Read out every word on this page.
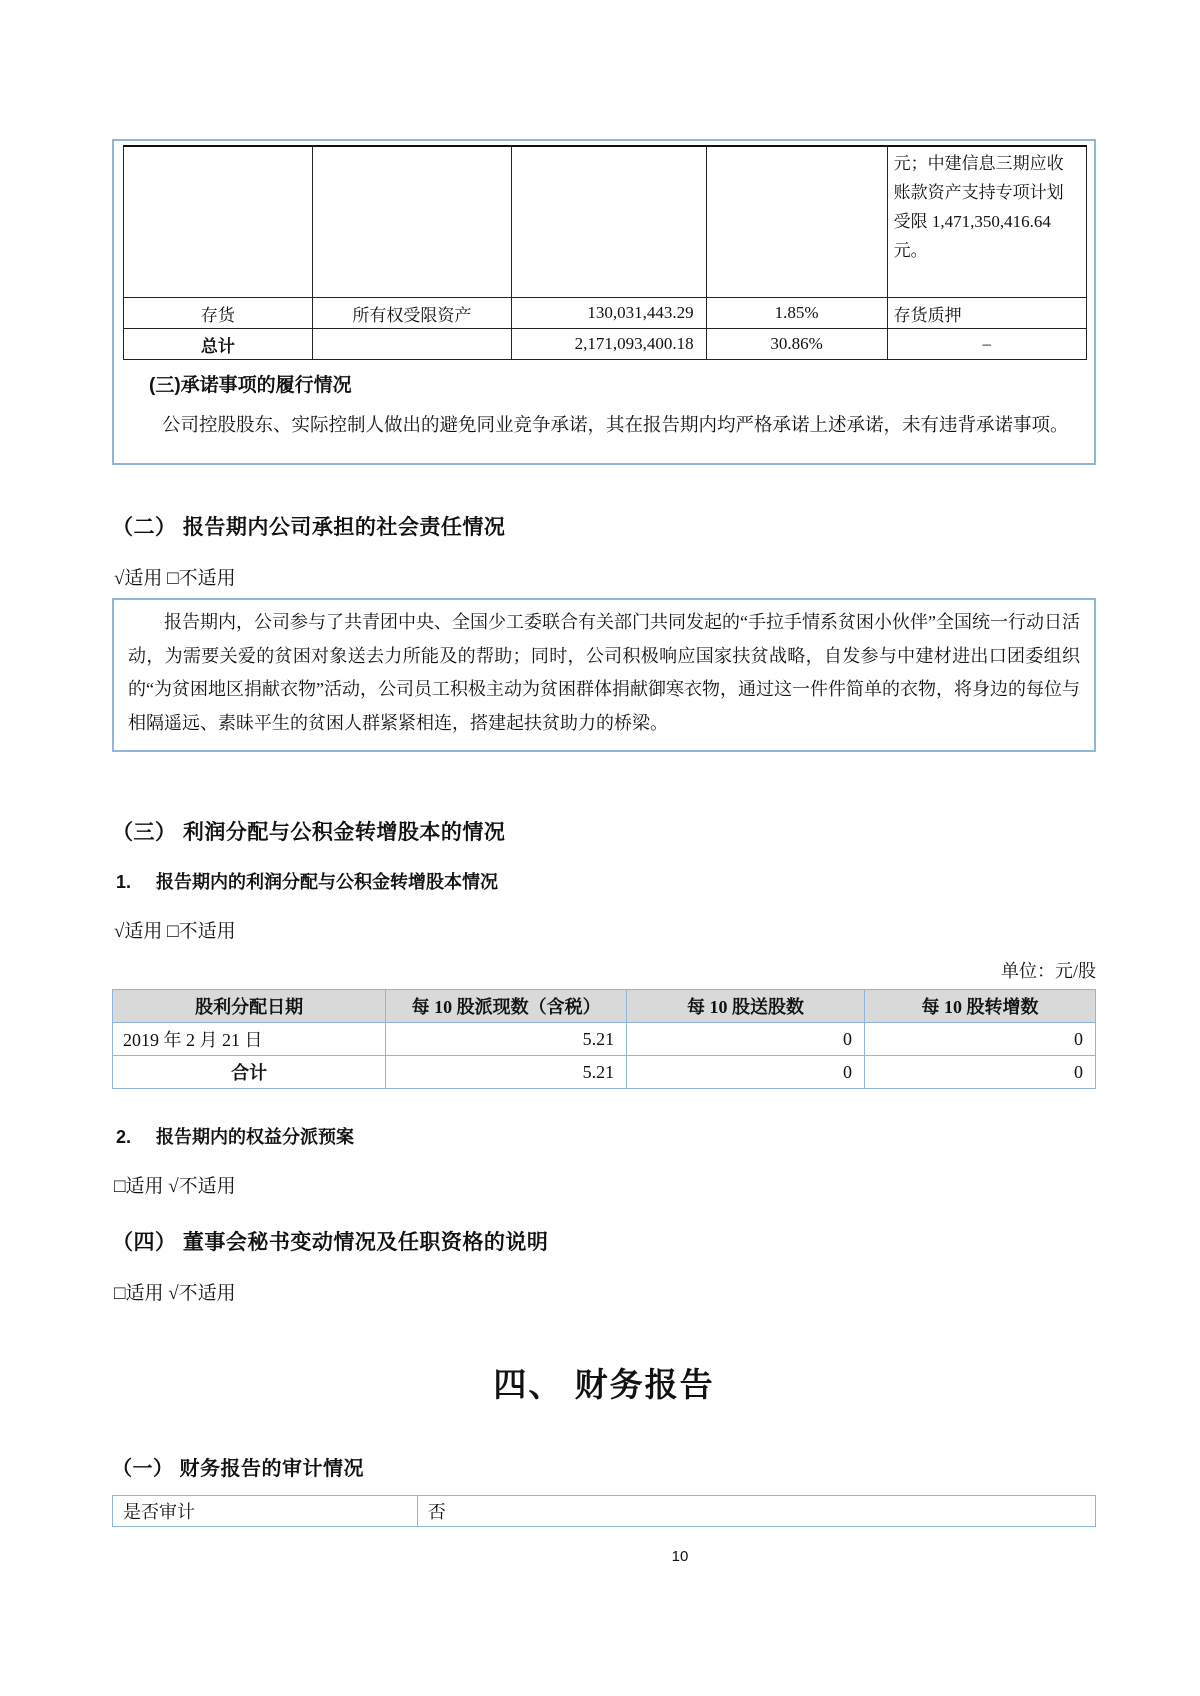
				元；中建信息三期应收账款资产支持专项计划受限 1,471,350,416.64 元。
存货	所有权受限资产	130,031,443.29	1.85%	存货质押
总计		2,171,093,400.18	30.86%	–
(三)承诺事项的履行情况

公司控股股东、实际控制人做出的避免同业竞争承诺，其在报告期内均严格承诺上述承诺，未有违背承诺事项。

（二） 报告期内公司承担的社会责任情况
√适用 □不适用

报告期内，公司参与了共青团中央、全国少工委联合有关部门共同发起的“手拉手情系贫困小伙伴”全国统一行动日活动，为需要关爱的贫困对象送去力所能及的帮助；同时，公司积极响应国家扶贫战略，自发参与中建材进出口团委组织的“为贫困地区捐献衣物”活动，公司员工积极主动为贫困群体捐献御寒衣物，通过这一件件简单的衣物，将身边的每位与相隔遥远、素昧平生的贫困人群紧紧相连，搭建起扶贫助力的桥梁。

（三） 利润分配与公积金转增股本的情况
1. 报告期内的利润分配与公积金转增股本情况
√适用 □不适用
单位：元/股
股利分配日期	每 10 股派现数（含税）	每 10 股送股数	每 10 股转增数
2019 年 2 月 21 日	5.21	0	0
合计	5.21	0	0
2. 报告期内的权益分派预案
□适用 √不适用
（四） 董事会秘书变动情况及任职资格的说明
□适用 √不适用
四、 财务报告
（一） 财务报告的审计情况
是否审计	否
10
